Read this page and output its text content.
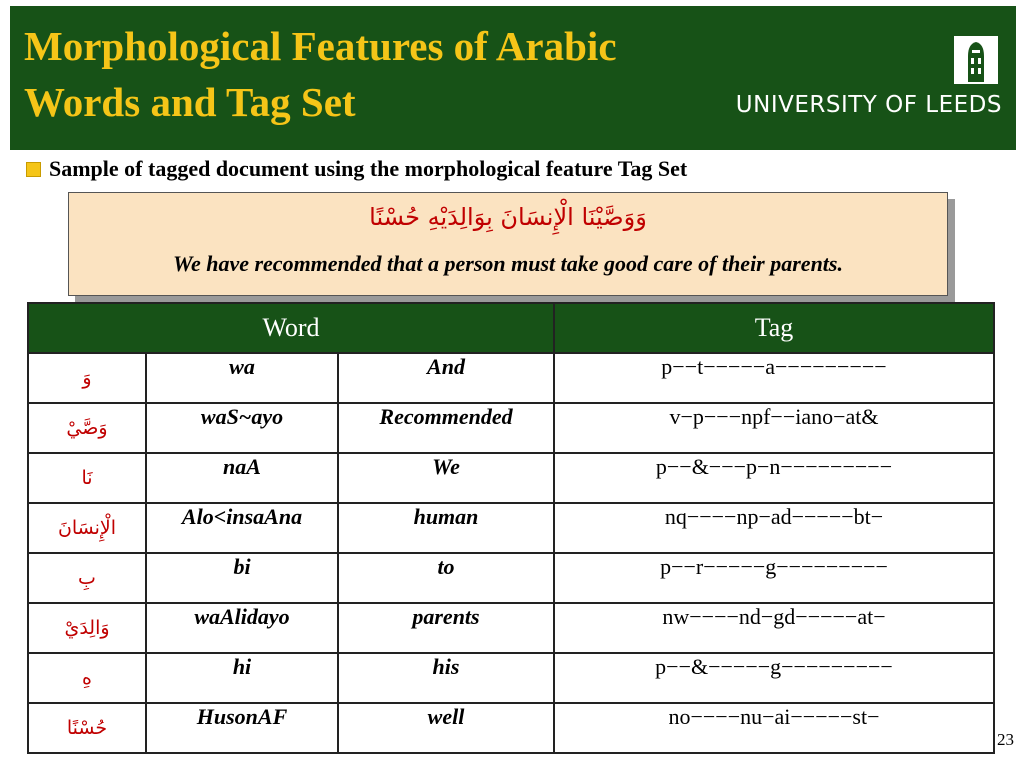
Morphological Features of Arabic
Words and Tag Set	UNIVERSITY OF LEEDS
Sample of tagged document using the morphological feature Tag Set
وَوَصَّيْنَا الْإِنسَانَ بِوَالِدَيْهِ حُسْنًا
We have recommended that a person must take good care of their parents.
Word			Tag
وَ	wa	And	p−−t−−−−−a−−−−−−−−−
وَصَّيْ	waS~ayo	Recommended	v−p−−−npf−−iano−at&
نَا	naA	We	p−−&−−−p−n−−−−−−−−−
الْإِنسَانَ	Alo<insaAna	human	nq−−−−np−ad−−−−−bt−
بِ	bi	to	p−−r−−−−−g−−−−−−−−−
وَالِدَيْ	waAlidayo	parents	nw−−−−nd−gd−−−−−at−
هِ	hi	his	p−−&−−−−−g−−−−−−−−−
حُسْنًا	HusonAF	well	no−−−−nu−ai−−−−−st−
23
